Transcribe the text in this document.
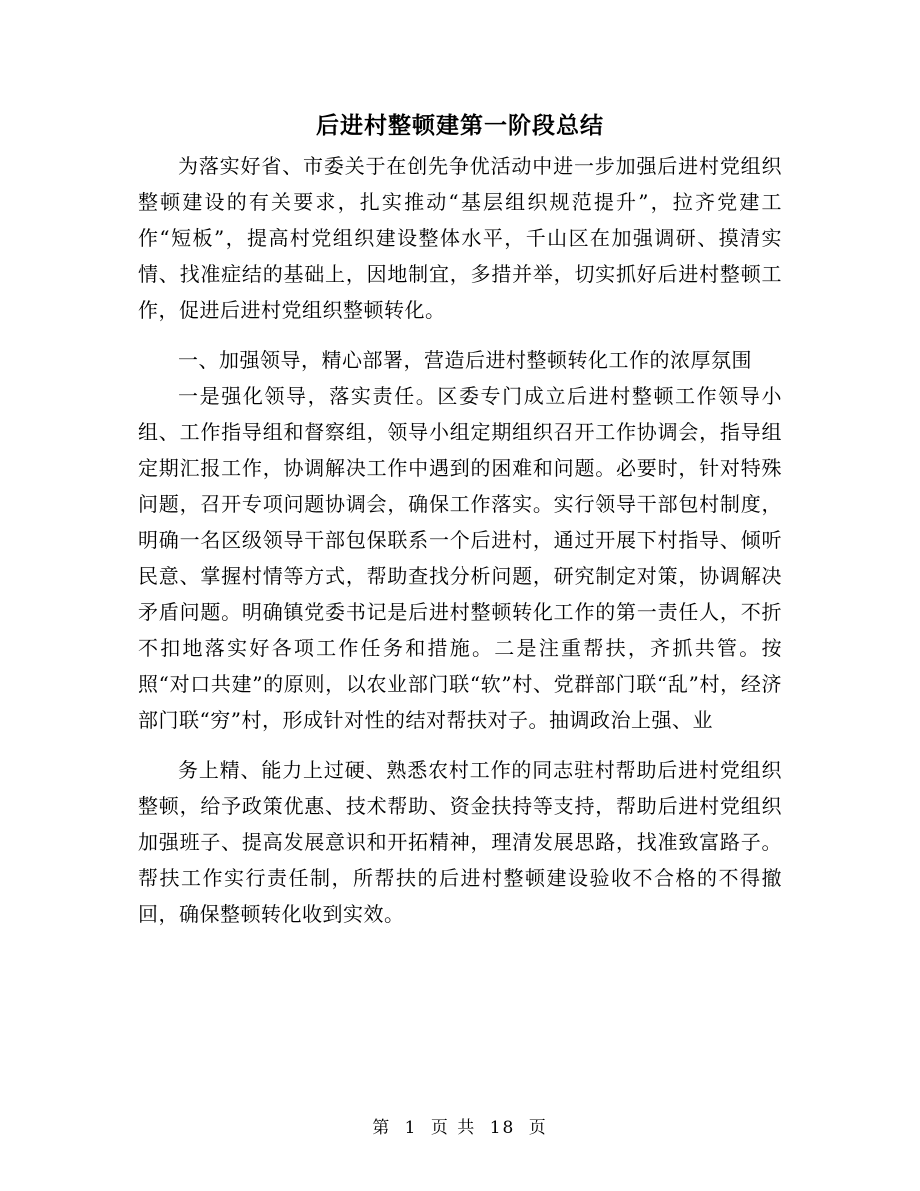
后进村整顿建第一阶段总结

为落实好省、市委关于在创先争优活动中进一步加强后进村党组织整顿建设的有关要求，扎实推动“基层组织规范提升”，拉齐党建工作“短板”，提高村党组织建设整体水平，千山区在加强调研、摸清实情、找准症结的基础上，因地制宜，多措并举，切实抓好后进村整顿工作，促进后进村党组织整顿转化。

一、加强领导，精心部署，营造后进村整顿转化工作的浓厚氛围

一是强化领导，落实责任。区委专门成立后进村整顿工作领导小组、工作指导组和督察组，领导小组定期组织召开工作协调会，指导组定期汇报工作，协调解决工作中遇到的困难和问题。必要时，针对特殊问题，召开专项问题协调会，确保工作落实。实行领导干部包村制度，明确一名区级领导干部包保联系一个后进村，通过开展下村指导、倾听民意、掌握村情等方式，帮助查找分析问题，研究制定对策，协调解决矛盾问题。明确镇党委书记是后进村整顿转化工作的第一责任人，不折不扣地落实好各项工作任务和措施。二是注重帮扶，齐抓共管。按照“对口共建”的原则，以农业部门联“软”村、党群部门联“乱”村，经济部门联“穷”村，形成针对性的结对帮扶对子。抽调政治上强、业

务上精、能力上过硬、熟悉农村工作的同志驻村帮助后进村党组织整顿，给予政策优惠、技术帮助、资金扶持等支持，帮助后进村党组织加强班子、提高发展意识和开拓精神，理清发展思路，找准致富路子。帮扶工作实行责任制，所帮扶的后进村整顿建设验收不合格的不得撤回，确保整顿转化收到实效。

第 1 页 共 18 页
